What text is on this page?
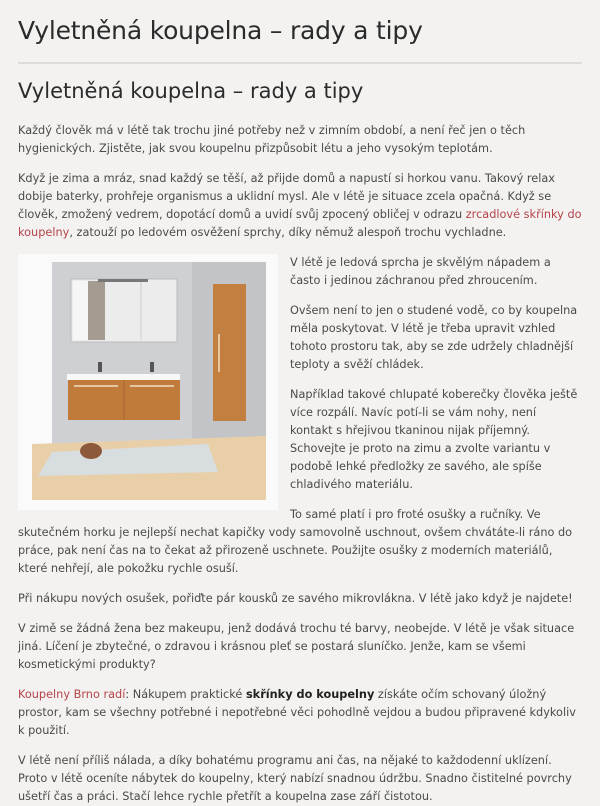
Vyletněná koupelna – rady a tipy
Vyletněná koupelna – rady a tipy

Každý člověk má v létě tak trochu jiné potřeby než v zimním období, a není řeč jen o těch hygienických. Zjistěte, jak svou koupelnu přizpůsobit létu a jeho vysokým teplotám.

Když je zima a mráz, snad každý se těší, až přijde domů a napustí si horkou vanu. Takový relax dobije baterky, prohřeje organismus a uklidní mysl. Ale v létě je situace zcela opačná. Když se člověk, zmožený vedrem, dopotácí domů a uvidí svůj zpocený obličej v odrazu zrcadlové skřínky do koupelny, zatouží po ledovém osvěžení sprchy, díky němuž alespoň trochu vychladne.

V létě je ledová sprcha je skvělým nápadem a často i jedinou záchranou před zhroucením.

Ovšem není to jen o studené vodě, co by koupelna měla poskytovat. V létě je třeba upravit vzhled tohoto prostoru tak, aby se zde udržely chladnější teploty a svěží chládek.

Například takové chlupaté koberečky člověka ještě více rozpálí. Navíc potí-li se vám nohy, není kontakt s hřejivou tkaninou nijak příjemný. Schovejte je proto na zimu a zvolte variantu v podobě lehké předložky ze savého, ale spíše chladivého materiálu.

To samé platí i pro froté osušky a ručníky. Ve skutečném horku je nejlepší nechat kapičky vody samovolně uschnout, ovšem chvátáte-li ráno do práce, pak není čas na to čekat až přirozeně uschnete. Použijte osušky z moderních materiálů, které nehřejí, ale pokožku rychle osuší.

Při nákupu nových osušek, pořiďte pár kousků ze savého mikrovlákna. V létě jako když je najdete!

V zimě se žádná žena bez makeupu, jenž dodává trochu té barvy, neobejde. V létě je však situace jiná. Líčení je zbytečné, o zdravou i krásnou pleť se postará sluníčko. Jenže, kam se všemi kosmetickými produkty?

Koupelny Brno radí: Nákupem praktické skřínky do koupelny získáte očím schovaný úložný prostor, kam se všechny potřebné i nepotřebné věci pohodlně vejdou a budou připravené kdykoliv k použití.

V létě není příliš nálada, a díky bohatému programu ani čas, na nějaké to každodenní uklízení. Proto v létě oceníte nábytek do koupelny, který nabízí snadnou údržbu. Snadno čistitelné povrchy ušetří čas a práci. Stačí lehce rychle přetřít a koupelna zase září čistotou.
